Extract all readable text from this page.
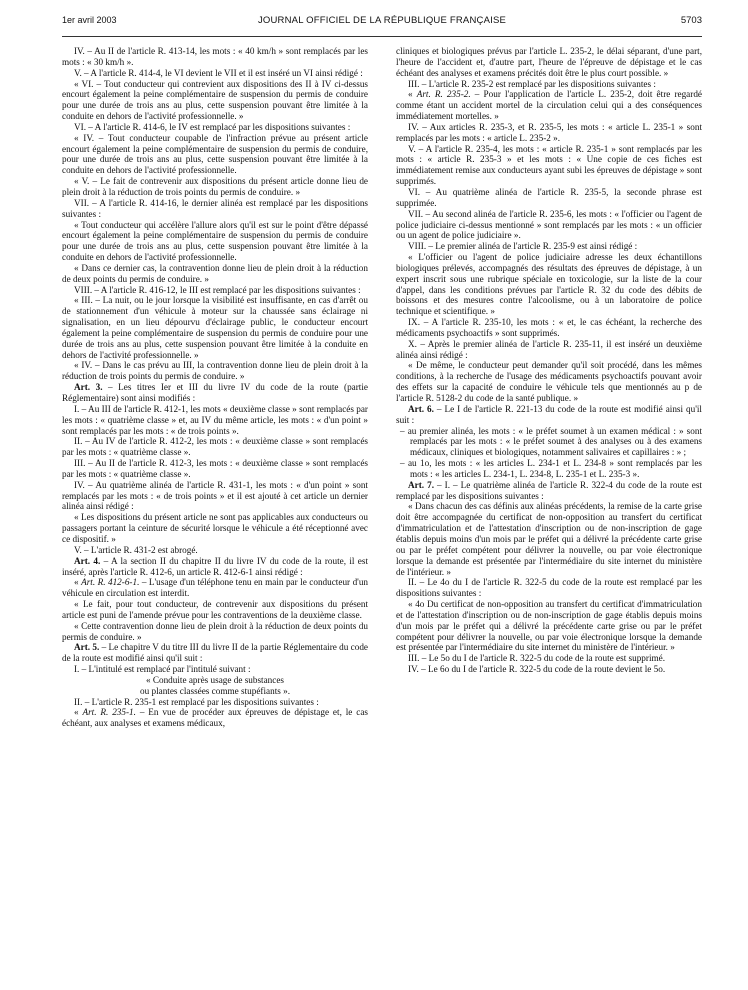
1er avril 2003	JOURNAL OFFICIEL DE LA RÉPUBLIQUE FRANÇAISE	5703

IV. – Au II de l'article R. 413-14, les mots : « 40 km/h » sont remplacés par les mots : « 30 km/h ».

V. – A l'article R. 414-4, le VI devient le VII et il est inséré un VI ainsi rédigé :

« VI. – Tout conducteur qui contrevient aux dispositions des II à IV ci-dessus encourt également la peine complémentaire de suspension du permis de conduire pour une durée de trois ans au plus, cette suspension pouvant être limitée à la conduite en dehors de l'activité professionnelle. »

VI. – A l'article R. 414-6, le IV est remplacé par les dispositions suivantes :

« IV. – Tout conducteur coupable de l'infraction prévue au présent article encourt également la peine complémentaire de suspension du permis de conduire, pour une durée de trois ans au plus, cette suspension pouvant être limitée à la conduite en dehors de l'activité professionnelle.

« V. – Le fait de contrevenir aux dispositions du présent article donne lieu de plein droit à la réduction de trois points du permis de conduire. »

VII. – A l'article R. 414-16, le dernier alinéa est remplacé par les dispositions suivantes :

« Tout conducteur qui accélère l'allure alors qu'il est sur le point d'être dépassé encourt également la peine complémentaire de suspension du permis de conduire pour une durée de trois ans au plus, cette suspension pouvant être limitée à la conduite en dehors de l'activité professionnelle.

« Dans ce dernier cas, la contravention donne lieu de plein droit à la réduction de deux points du permis de conduire. »

VIII. – A l'article R. 416-12, le III est remplacé par les dispositions suivantes :

« III. – La nuit, ou le jour lorsque la visibilité est insuffisante, en cas d'arrêt ou de stationnement d'un véhicule à moteur sur la chaussée sans éclairage ni signalisation, en un lieu dépourvu d'éclairage public, le conducteur encourt également la peine complémentaire de suspension du permis de conduire pour une durée de trois ans au plus, cette suspension pouvant être limitée à la conduite en dehors de l'activité professionnelle. »

« IV. – Dans le cas prévu au III, la contravention donne lieu de plein droit à la réduction de trois points du permis de conduire. »

Art. 3. – Les titres Ier et III du livre IV du code de la route (partie Réglementaire) sont ainsi modifiés :

I. – Au III de l'article R. 412-1, les mots « deuxième classe » sont remplacés par les mots : « quatrième classe » et, au IV du même article, les mots : « d'un point » sont remplacés par les mots : « de trois points ».

II. – Au IV de l'article R. 412-2, les mots : « deuxième classe » sont remplacés par les mots : « quatrième classe ».

III. – Au II de l'article R. 412-3, les mots : « deuxième classe » sont remplacés par les mots : « quatrième classe ».

IV. – Au quatrième alinéa de l'article R. 431-1, les mots : « d'un point » sont remplacés par les mots : « de trois points » et il est ajouté à cet article un dernier alinéa ainsi rédigé :

« Les dispositions du présent article ne sont pas applicables aux conducteurs ou passagers portant la ceinture de sécurité lorsque le véhicule a été réceptionné avec ce dispositif. »

V. – L'article R. 431-2 est abrogé.

Art. 4. – A la section II du chapitre II du livre IV du code de la route, il est inséré, après l'article R. 412-6, un article R. 412-6-1 ainsi rédigé :

« Art. R. 412-6-1. – L'usage d'un téléphone tenu en main par le conducteur d'un véhicule en circulation est interdit.

« Le fait, pour tout conducteur, de contrevenir aux dispositions du présent article est puni de l'amende prévue pour les contraventions de la deuxième classe.

« Cette contravention donne lieu de plein droit à la réduction de deux points du permis de conduire. »

Art. 5. – Le chapitre V du titre III du livre II de la partie Réglementaire du code de la route est modifié ainsi qu'il suit :

I. – L'intitulé est remplacé par l'intitulé suivant :

« Conduite après usage de substances

ou plantes classées comme stupéfiants ».

II. – L'article R. 235-1 est remplacé par les dispositions suivantes :

« Art. R. 235-1. – En vue de procéder aux épreuves de dépistage et, le cas échéant, aux analyses et examens médicaux,

cliniques et biologiques prévus par l'article L. 235-2, le délai séparant, d'une part, l'heure de l'accident et, d'autre part, l'heure de l'épreuve de dépistage et le cas échéant des analyses et examens précités doit être le plus court possible. »

III. – L'article R. 235-2 est remplacé par les dispositions suivantes :

« Art. R. 235-2. – Pour l'application de l'article L. 235-2, doit être regardé comme étant un accident mortel de la circulation celui qui a des conséquences immédiatement mortelles. »

IV. – Aux articles R. 235-3, et R. 235-5, les mots : « article L. 235-1 » sont remplacés par les mots : « article L. 235-2 ».

V. – A l'article R. 235-4, les mots : « article R. 235-1 » sont remplacés par les mots : « article R. 235-3 » et les mots : « Une copie de ces fiches est immédiatement remise aux conducteurs ayant subi les épreuves de dépistage » sont supprimés.

VI. – Au quatrième alinéa de l'article R. 235-5, la seconde phrase est supprimée.

VII. – Au second alinéa de l'article R. 235-6, les mots : « l'officier ou l'agent de police judiciaire ci-dessus mentionné » sont remplacés par les mots : « un officier ou un agent de police judiciaire ».

VIII. – Le premier alinéa de l'article R. 235-9 est ainsi rédigé :

« L'officier ou l'agent de police judiciaire adresse les deux échantillons biologiques prélevés, accompagnés des résultats des épreuves de dépistage, à un expert inscrit sous une rubrique spéciale en toxicologie, sur la liste de la cour d'appel, dans les conditions prévues par l'article R. 32 du code des débits de boissons et des mesures contre l'alcoolisme, ou à un laboratoire de police technique et scientifique. »

IX. – A l'article R. 235-10, les mots : « et, le cas échéant, la recherche des médicaments psychoactifs » sont supprimés.

X. – Après le premier alinéa de l'article R. 235-11, il est inséré un deuxième alinéa ainsi rédigé :

« De même, le conducteur peut demander qu'il soit procédé, dans les mêmes conditions, à la recherche de l'usage des médicaments psychoactifs pouvant avoir des effets sur la capacité de conduire le véhicule tels que mentionnés au p de l'article R. 5128-2 du code de la santé publique. »

Art. 6. – Le I de l'article R. 221-13 du code de la route est modifié ainsi qu'il suit :

– au premier alinéa, les mots : « le préfet soumet à un examen médical : » sont remplacés par les mots : « le préfet soumet à des analyses ou à des examens médicaux, cliniques et biologiques, notamment salivaires et capillaires : » ;
– au 1o, les mots : « les articles L. 234-1 et L. 234-8 » sont remplacés par les mots : « les articles L. 234-1, L. 234-8, L. 235-1 et L. 235-3 ».

Art. 7. – I. – Le quatrième alinéa de l'article R. 322-4 du code de la route est remplacé par les dispositions suivantes :

« Dans chacun des cas définis aux alinéas précédents, la remise de la carte grise doit être accompagnée du certificat de non-opposition au transfert du certificat d'immatriculation et de l'attestation d'inscription ou de non-inscription de gage établis depuis moins d'un mois par le préfet qui a délivré la précédente carte grise ou par le préfet compétent pour délivrer la nouvelle, ou par voie électronique lorsque la demande est présentée par l'intermédiaire du site internet du ministère de l'intérieur. »

II. – Le 4o du I de l'article R. 322-5 du code de la route est remplacé par les dispositions suivantes :

« 4o Du certificat de non-opposition au transfert du certificat d'immatriculation et de l'attestation d'inscription ou de non-inscription de gage établis depuis moins d'un mois par le préfet qui a délivré la précédente carte grise ou par le préfet compétent pour délivrer la nouvelle, ou par voie électronique lorsque la demande est présentée par l'intermédiaire du site internet du ministère de l'intérieur. »

III. – Le 5o du I de l'article R. 322-5 du code de la route est supprimé.

IV. – Le 6o du I de l'article R. 322-5 du code de la route devient le 5o.
